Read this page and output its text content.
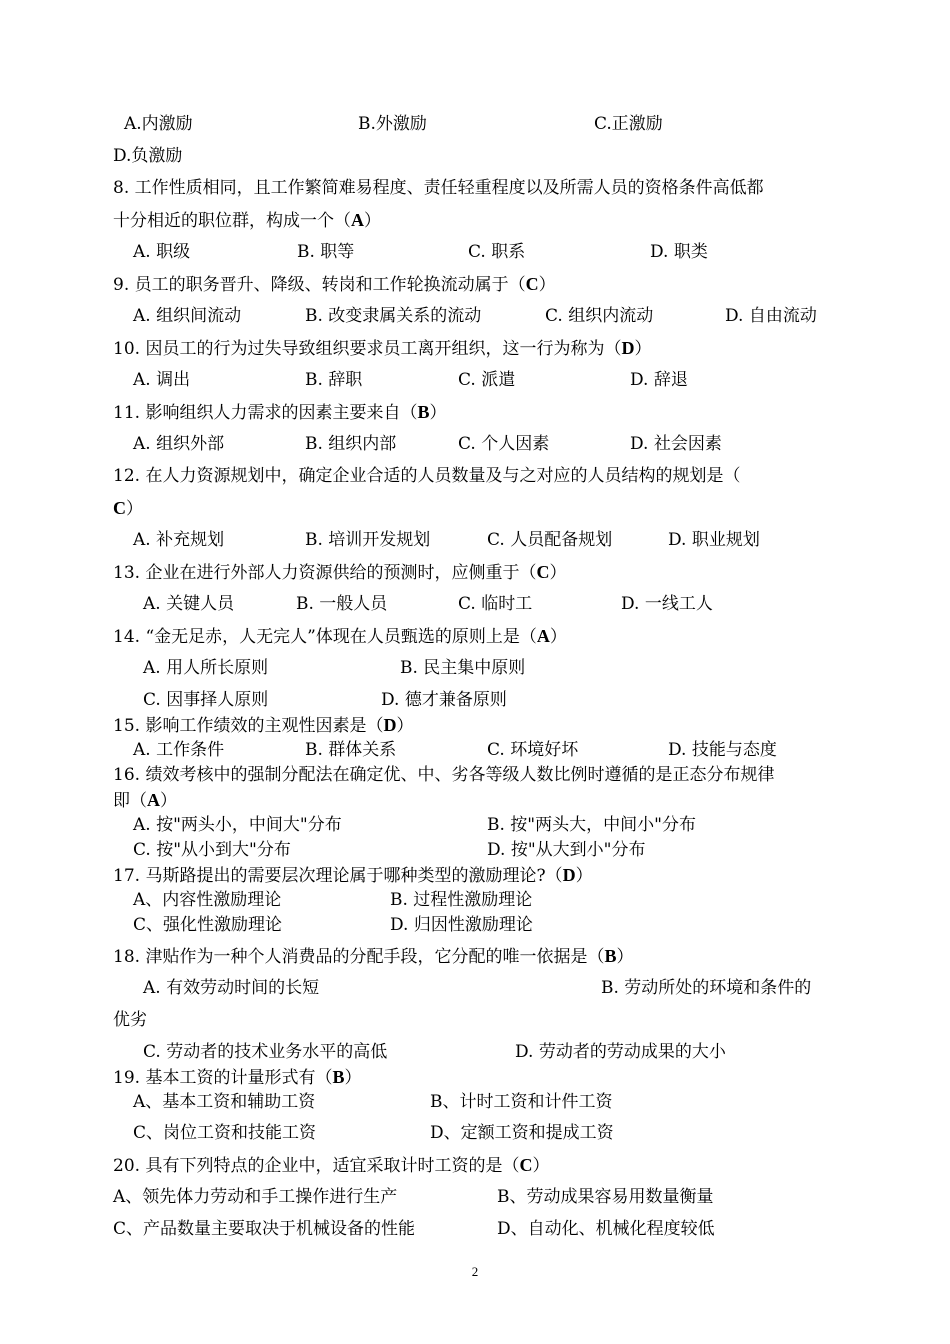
A.内激励	B.外激励	C.正激励
D.负激励
8. 工作性质相同，且工作繁简难易程度、责任轻重程度以及所需人员的资格条件高低都
十分相近的职位群，构成一个（A）
A. 职级	B. 职等	C. 职系	D. 职类
9. 员工的职务晋升、降级、转岗和工作轮换流动属于（C）
A. 组织间流动	B. 改变隶属关系的流动	C. 组织内流动	D. 自由流动
10. 因员工的行为过失导致组织要求员工离开组织，这一行为称为（D）
A. 调出	B. 辞职	C. 派遣	D. 辞退
11. 影响组织人力需求的因素主要来自（B）
A. 组织外部	B. 组织内部	C. 个人因素	D. 社会因素
12. 在人力资源规划中，确定企业合适的人员数量及与之对应的人员结构的规划是（
C）
A. 补充规划	B. 培训开发规划	C. 人员配备规划	D. 职业规划
13. 企业在进行外部人力资源供给的预测时，应侧重于（C）
A. 关键人员	B. 一般人员	C. 临时工	D. 一线工人
14. “金无足赤，人无完人”体现在人员甄选的原则上是（A）
A. 用人所长原则	B. 民主集中原则
C. 因事择人原则	D. 德才兼备原则
15. 影响工作绩效的主观性因素是（D）
A. 工作条件	B. 群体关系	C. 环境好坏	D. 技能与态度
16. 绩效考核中的强制分配法在确定优、中、劣各等级人数比例时遵循的是正态分布规律
即（A）
A. 按"两头小，中间大"分布	B. 按"两头大，中间小"分布
C. 按"从小到大"分布	D. 按"从大到小"分布
17. 马斯路提出的需要层次理论属于哪种类型的激励理论?（D）
A、内容性激励理论	B. 过程性激励理论
C、强化性激励理论	D. 归因性激励理论
18. 津贴作为一种个人消费品的分配手段，它分配的唯一依据是（B）
A. 有效劳动时间的长短	B. 劳动所处的环境和条件的
优劣
C. 劳动者的技术业务水平的高低	D. 劳动者的劳动成果的大小
19. 基本工资的计量形式有（B）
A、基本工资和辅助工资	B、计时工资和计件工资
C、岗位工资和技能工资	D、定额工资和提成工资
20. 具有下列特点的企业中，适宜采取计时工资的是（C）
A、领先体力劳动和手工操作进行生产	B、劳动成果容易用数量衡量
C、产品数量主要取决于机械设备的性能	D、自动化、机械化程度较低
2
